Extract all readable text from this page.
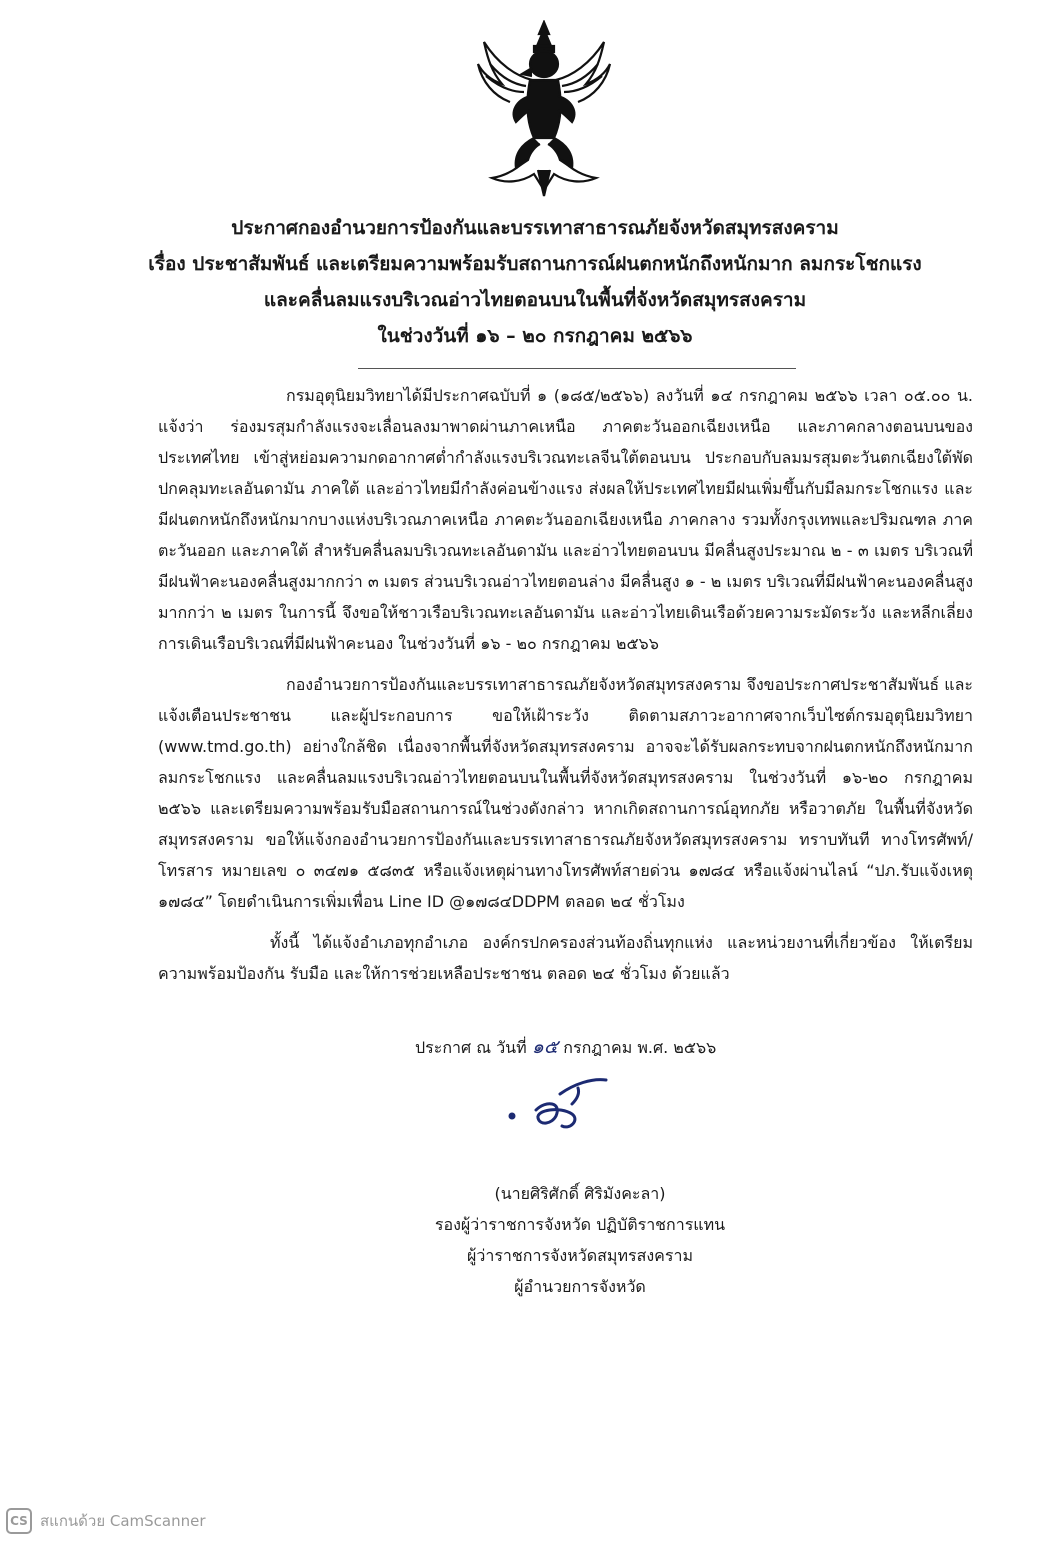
ประกาศกองอำนวยการป้องกันและบรรเทาสาธารณภัยจังหวัดสมุทรสงคราม
เรื่อง ประชาสัมพันธ์ และเตรียมความพร้อมรับสถานการณ์ฝนตกหนักถึงหนักมาก ลมกระโชกแรง
และคลื่นลมแรงบริเวณอ่าวไทยตอนบนในพื้นที่จังหวัดสมุทรสงคราม
ในช่วงวันที่ ๑๖ – ๒๐ กรกฎาคม ๒๕๖๖

กรมอุตุนิยมวิทยาได้มีประกาศฉบับที่ ๑ (๑๘๕/๒๕๖๖) ลงวันที่ ๑๔ กรกฎาคม ๒๕๖๖ เวลา ๐๕.๐๐ น. แจ้งว่า ร่องมรสุมกำลังแรงจะเลื่อนลงมาพาดผ่านภาคเหนือ ภาคตะวันออกเฉียงเหนือ และภาคกลางตอนบนของประเทศไทย เข้าสู่หย่อมความกดอากาศต่ำกำลังแรงบริเวณทะเลจีนใต้ตอนบน ประกอบกับลมมรสุมตะวันตกเฉียงใต้พัดปกคลุมทะเลอันดามัน ภาคใต้ และอ่าวไทยมีกำลังค่อนข้างแรง ส่งผลให้ประเทศไทยมีฝนเพิ่มขึ้นกับมีลมกระโชกแรง และมีฝนตกหนักถึงหนักมากบางแห่งบริเวณภาคเหนือ ภาคตะวันออกเฉียงเหนือ ภาคกลาง รวมทั้งกรุงเทพและปริมณฑล ภาคตะวันออก และภาคใต้ สำหรับคลื่นลมบริเวณทะเลอันดามัน และอ่าวไทยตอนบน มีคลื่นสูงประมาณ ๒ - ๓ เมตร บริเวณที่มีฝนฟ้าคะนองคลื่นสูงมากกว่า ๓ เมตร ส่วนบริเวณอ่าวไทยตอนล่าง มีคลื่นสูง ๑ - ๒ เมตร บริเวณที่มีฝนฟ้าคะนองคลื่นสูงมากกว่า ๒ เมตร ในการนี้ จึงขอให้ชาวเรือบริเวณทะเลอันดามัน และอ่าวไทยเดินเรือด้วยความระมัดระวัง และหลีกเลี่ยงการเดินเรือบริเวณที่มีฝนฟ้าคะนอง ในช่วงวันที่ ๑๖ - ๒๐ กรกฎาคม ๒๕๖๖

กองอำนวยการป้องกันและบรรเทาสาธารณภัยจังหวัดสมุทรสงคราม จึงขอประกาศประชาสัมพันธ์ และแจ้งเตือนประชาชน และผู้ประกอบการ ขอให้เฝ้าระวัง ติดตามสภาวะอากาศจากเว็บไซต์กรมอุตุนิยมวิทยา (www.tmd.go.th) อย่างใกล้ชิด เนื่องจากพื้นที่จังหวัดสมุทรสงคราม อาจจะได้รับผลกระทบจากฝนตกหนักถึงหนักมาก ลมกระโชกแรง และคลื่นลมแรงบริเวณอ่าวไทยตอนบนในพื้นที่จังหวัดสมุทรสงคราม ในช่วงวันที่ ๑๖-๒๐ กรกฎาคม ๒๕๖๖ และเตรียมความพร้อมรับมือสถานการณ์ในช่วงดังกล่าว หากเกิดสถานการณ์อุทกภัย หรือวาตภัย ในพื้นที่จังหวัดสมุทรสงคราม ขอให้แจ้งกองอำนวยการป้องกันและบรรเทาสาธารณภัยจังหวัดสมุทรสงคราม ทราบทันที ทางโทรศัพท์/โทรสาร หมายเลข ๐ ๓๔๗๑ ๕๘๓๕ หรือแจ้งเหตุผ่านทางโทรศัพท์สายด่วน ๑๗๘๔ หรือแจ้งผ่านไลน์ “ปภ.รับแจ้งเหตุ ๑๗๘๔” โดยดำเนินการเพิ่มเพื่อน Line ID @๑๗๘๔DDPM ตลอด ๒๔ ชั่วโมง

ทั้งนี้ ได้แจ้งอำเภอทุกอำเภอ องค์กรปกครองส่วนท้องถิ่นทุกแห่ง และหน่วยงานที่เกี่ยวข้อง ให้เตรียมความพร้อมป้องกัน รับมือ และให้การช่วยเหลือประชาชน ตลอด ๒๔ ชั่วโมง ด้วยแล้ว

ประกาศ ณ วันที่ ๑๕ กรกฎาคม พ.ศ. ๒๕๖๖
(นายศิริศักดิ์ ศิริมังคะลา)
รองผู้ว่าราชการจังหวัด ปฏิบัติราชการแทน
ผู้ว่าราชการจังหวัดสมุทรสงคราม
ผู้อำนวยการจังหวัด
CS สแกนด้วย CamScanner
